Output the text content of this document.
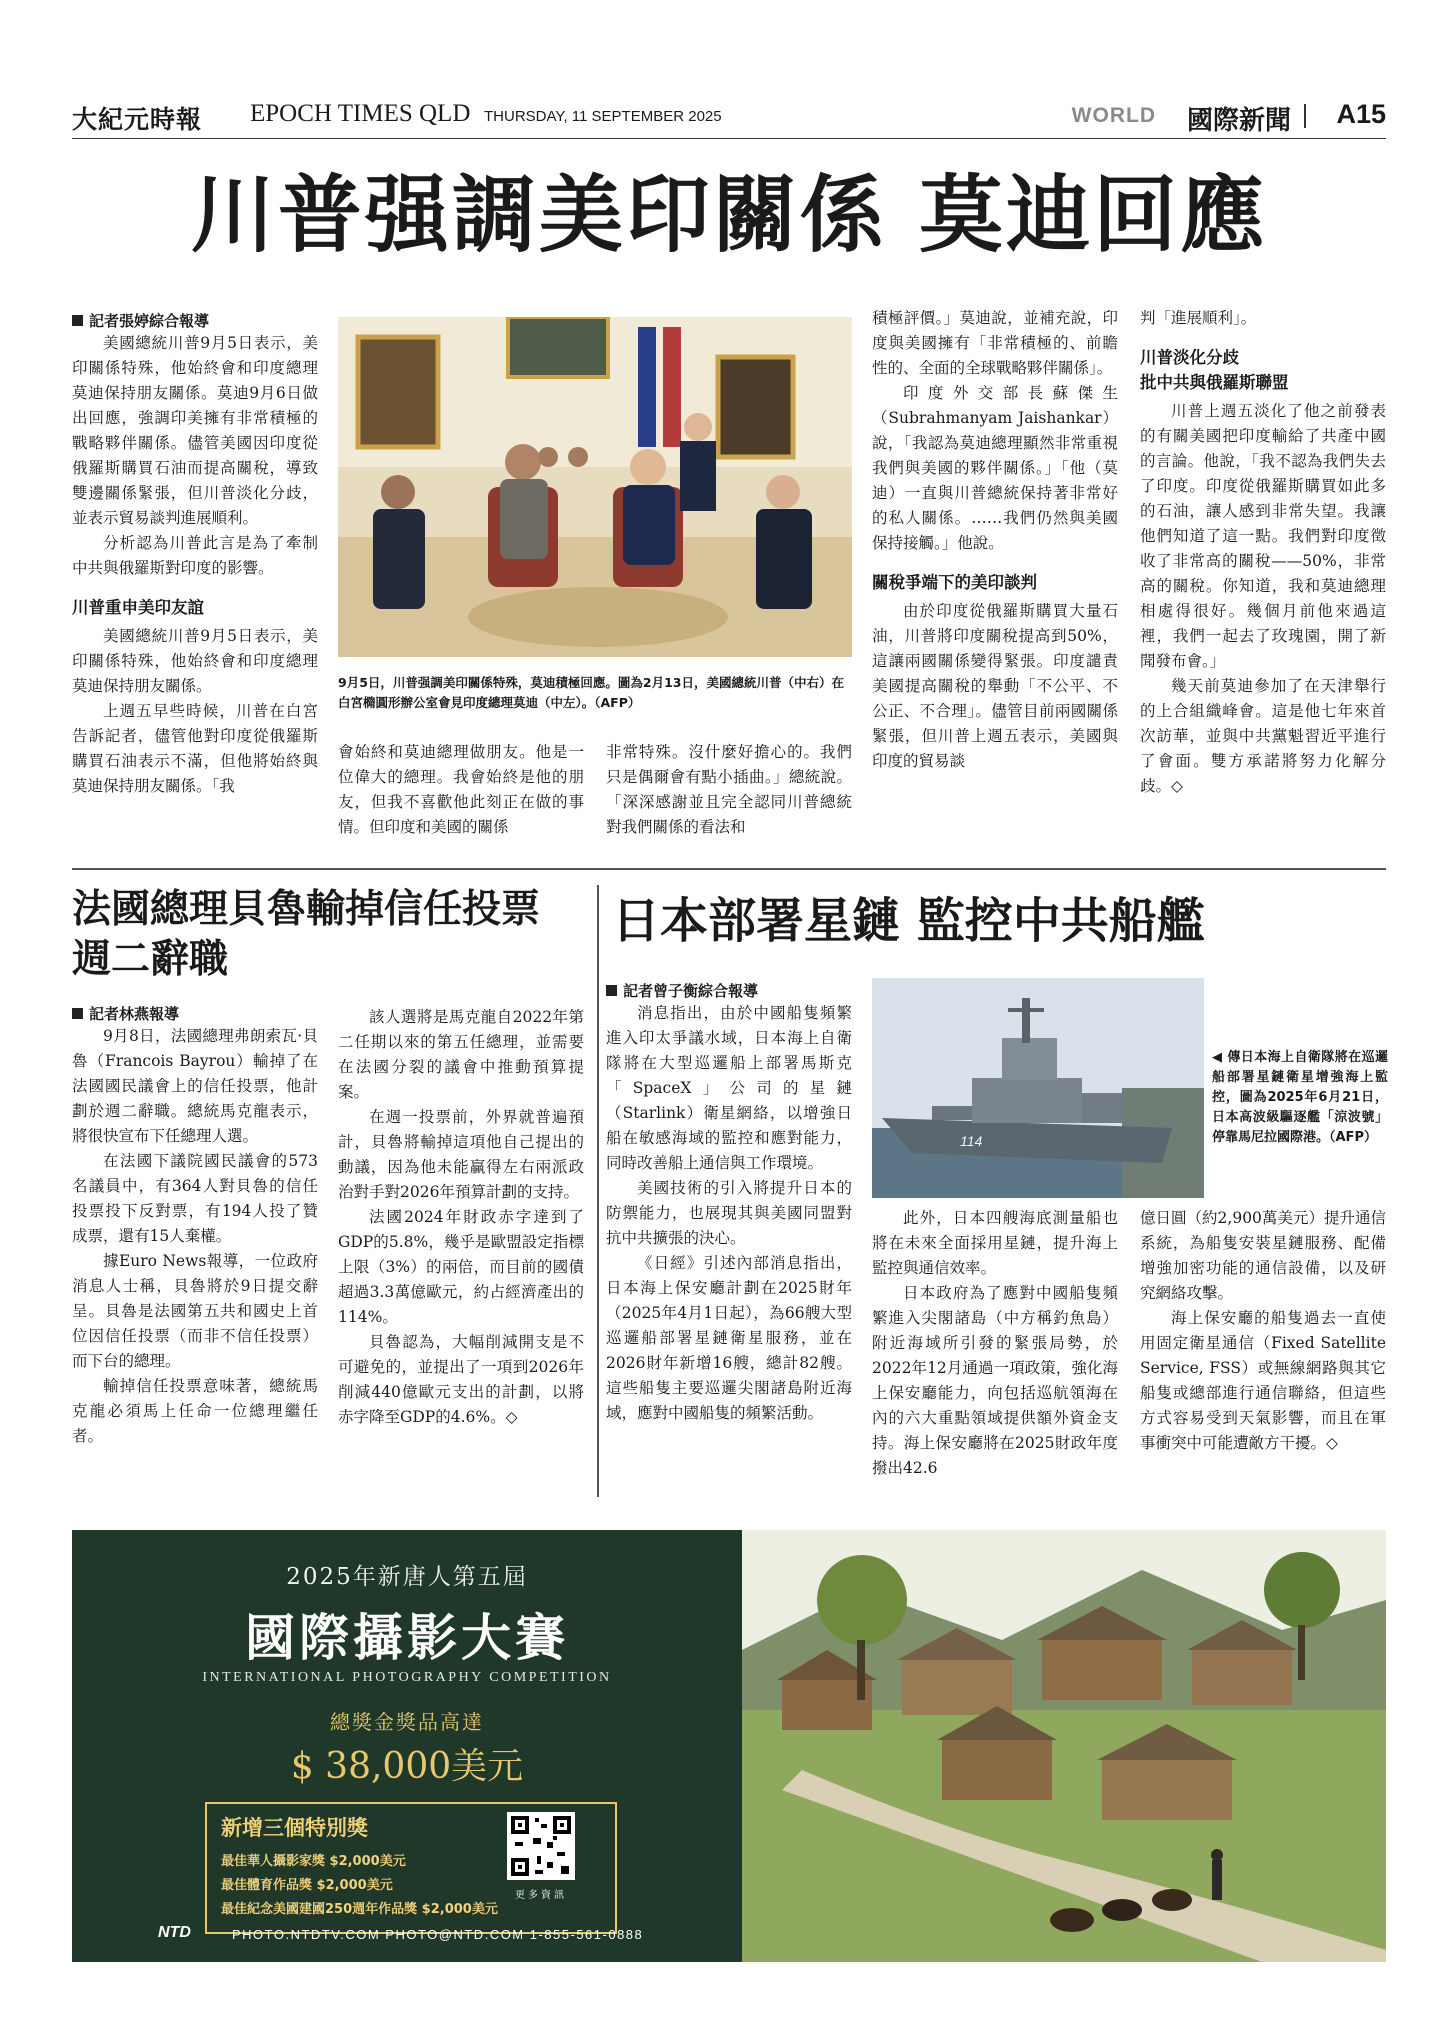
大紀元時報 EPOCH TIMES QLD THURSDAY, 11 SEPTEMBER 2025	WORLD 國際新聞 A15
川普强調美印關係 莫迪回應
記者張婷綜合報導

美國總統川普9月5日表示，美印關係特殊，他始終會和印度總理莫迪保持朋友關係。莫迪9月6日做出回應，強調印美擁有非常積極的戰略夥伴關係。儘管美國因印度從俄羅斯購買石油而提高關稅，導致雙邊關係緊張，但川普淡化分歧，並表示貿易談判進展順利。

分析認為川普此言是為了牽制中共與俄羅斯對印度的影響。

川普重申美印友誼

美國總統川普9月5日表示，美印關係特殊，他始終會和印度總理莫迪保持朋友關係。

上週五早些時候，川普在白宮告訴記者，儘管他對印度從俄羅斯購買石油表示不滿，但他將始終與莫迪保持朋友關係。「我

9月5日，川普强調美印關係特殊，莫迪積極回應。圖為2月13日，美國總統川普（中右）在白宮橢圓形辦公室會見印度總理莫迪（中左）。（AFP）
會始終和莫迪總理做朋友。他是一位偉大的總理。我會始終是他的朋友，但我不喜歡他此刻正在做的事情。但印度和美國的關係
非常特殊。沒什麼好擔心的。我們只是偶爾會有點小插曲。」總統說。「深深感謝並且完全認同川普總統對我們關係的看法和
積極評價。」莫迪說，並補充說，印度與美國擁有「非常積極的、前瞻性的、全面的全球戰略夥伴關係」。

印度外交部長蘇傑生（Subrahmanyam Jaishankar）說，「我認為莫迪總理顯然非常重視我們與美國的夥伴關係。」「他（莫迪）一直與川普總統保持著非常好的私人關係。……我們仍然與美國保持接觸。」他說。

關稅爭端下的美印談判

由於印度從俄羅斯購買大量石油，川普將印度關稅提高到50%，這讓兩國關係變得緊張。印度譴責美國提高關稅的舉動「不公平、不公正、不合理」。儘管目前兩國關係緊張，但川普上週五表示，美國與印度的貿易談

判「進展順利」。
川普淡化分歧
批中共與俄羅斯聯盟

川普上週五淡化了他之前發表的有關美國把印度輸給了共產中國的言論。他說，「我不認為我們失去了印度。印度從俄羅斯購買如此多的石油，讓人感到非常失望。我讓他們知道了這一點。我們對印度徵收了非常高的關稅——50%，非常高的關稅。你知道，我和莫迪總理相處得很好。幾個月前他來過這裡，我們一起去了玫瑰園，開了新聞發布會。」

幾天前莫迪參加了在天津舉行的上合組織峰會。這是他七年來首次訪華，並與中共黨魁習近平進行了會面。雙方承諾將努力化解分歧。◇

法國總理貝魯輸掉信任投票
週二辭職
記者林燕報導

9月8日，法國總理弗朗索瓦·貝魯（Francois Bayrou）輸掉了在法國國民議會上的信任投票，他計劃於週二辭職。總統馬克龍表示，將很快宣布下任總理人選。

在法國下議院國民議會的573名議員中，有364人對貝魯的信任投票投下反對票，有194人投了贊成票，還有15人棄權。

據Euro News報導，一位政府消息人士稱，貝魯將於9日提交辭呈。貝魯是法國第五共和國史上首位因信任投票（而非不信任投票）而下台的總理。

輸掉信任投票意味著，總統馬克龍必須馬上任命一位總理繼任者。

該人選將是馬克龍自2022年第二任期以來的第五任總理，並需要在法國分裂的議會中推動預算提案。

在週一投票前，外界就普遍預計，貝魯將輸掉這項他自己提出的動議，因為他未能贏得左右兩派政治對手對2026年預算計劃的支持。

法國2024年財政赤字達到了GDP的5.8%，幾乎是歐盟設定指標上限（3%）的兩倍，而目前的國債超過3.3萬億歐元，約占經濟產出的114%。

貝魯認為，大幅削減開支是不可避免的，並提出了一項到2026年削減440億歐元支出的計劃，以將赤字降至GDP的4.6%。◇

日本部署星鏈 監控中共船艦
記者曾子衡綜合報導

消息指出，由於中國船隻頻繁進入印太爭議水域，日本海上自衛隊將在大型巡邏船上部署馬斯克「SpaceX」公司的星鏈（Starlink）衛星網絡，以增強日船在敏感海域的監控和應對能力，同時改善船上通信與工作環境。

美國技術的引入將提升日本的防禦能力，也展現其與美國同盟對抗中共擴張的決心。

《日經》引述內部消息指出，日本海上保安廳計劃在2025財年（2025年4月1日起），為66艘大型巡邏船部署星鏈衛星服務，並在2026財年新增16艘，總計82艘。這些船隻主要巡邏尖閣諸島附近海域，應對中國船隻的頻繁活動。

114
◀ 傳日本海上自衛隊將在巡邏船部署星鏈衛星增強海上監控，圖為2025年6月21日，日本高波級驅逐艦「涼波號」停靠馬尼拉國際港。（AFP）

此外，日本四艘海底測量船也將在未來全面採用星鏈，提升海上監控與通信效率。

日本政府為了應對中國船隻頻繁進入尖閣諸島（中方稱釣魚島）附近海域所引發的緊張局勢，於2022年12月通過一項政策，強化海上保安廳能力，向包括巡航領海在內的六大重點領域提供額外資金支持。海上保安廳將在2025財政年度撥出42.6

億日圓（約2,900萬美元）提升通信系統，為船隻安裝星鏈服務、配備增強加密功能的通信設備，以及研究網絡攻擊。

海上保安廳的船隻過去一直使用固定衛星通信（Fixed Satellite Service, FSS）或無線網路與其它船隻或總部進行通信聯絡，但這些方式容易受到天氣影響，而且在軍事衝突中可能遭敵方干擾。◇

2025年新唐人第五屆
國際攝影大賽
INTERNATIONAL PHOTOGRAPHY COMPETITION
總獎金獎品高達
$ 38,000美元
新增三個特別獎
最佳華人攝影家獎 $2,000美元
最佳體育作品獎 $2,000美元
最佳紀念美國建國250週年作品獎 $2,000美元
更多資訊
NTD	PHOTO.NTDTV.COM PHOTO@NTD.COM 1-855-561-0888
